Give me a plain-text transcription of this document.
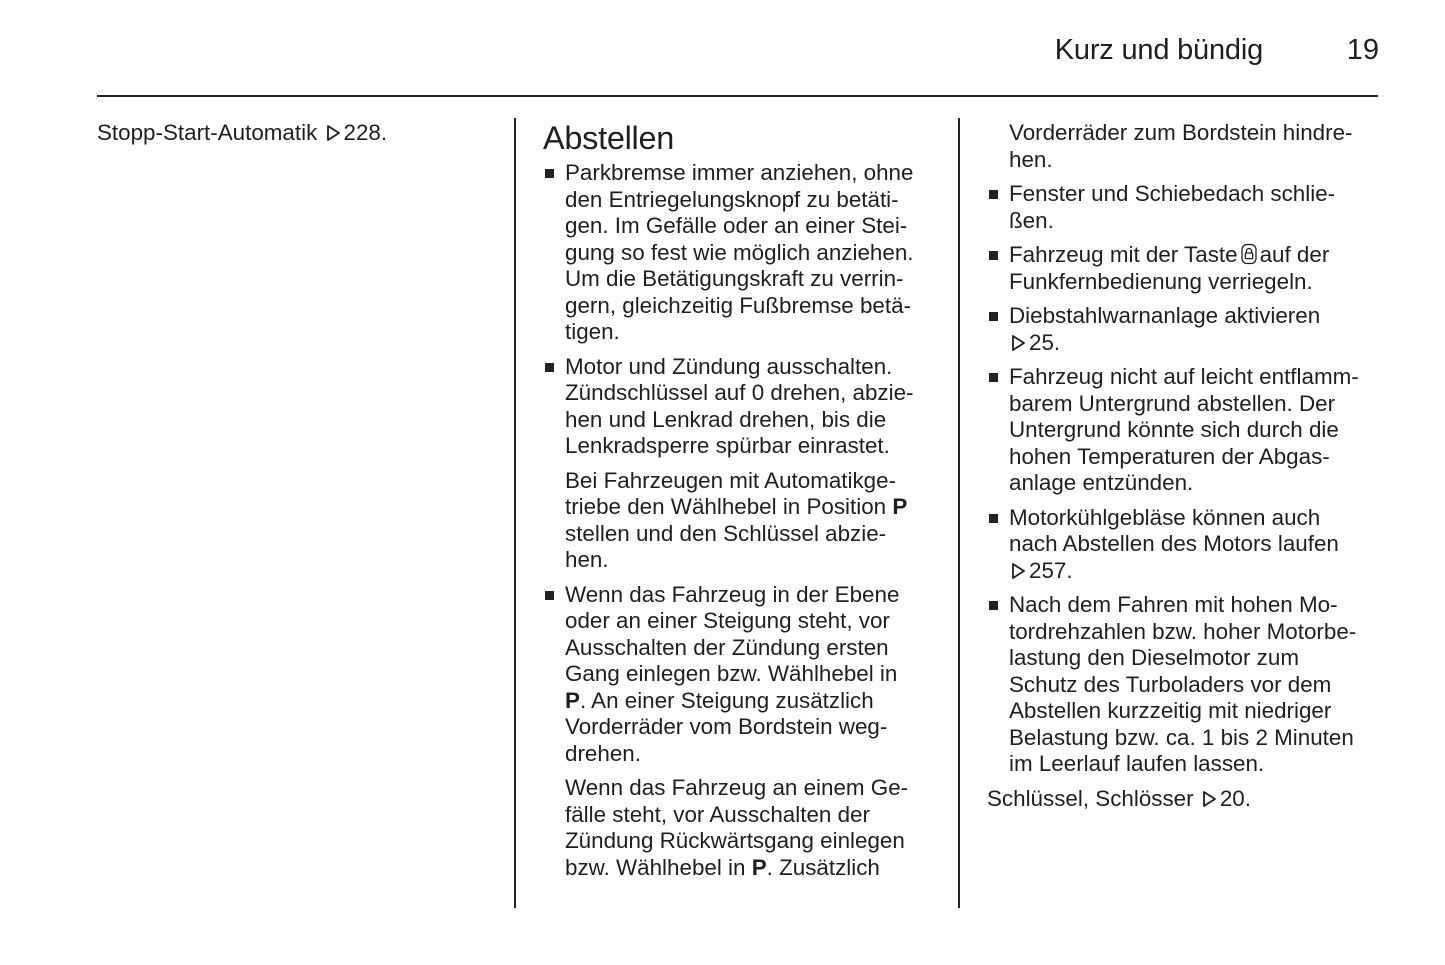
Kurz und bündig	19
Stopp-Start-Automatik 228.	Abstellen
Parkbremse immer anziehen, ohne
den Entriegelungsknopf zu betäti-
gen. Im Gefälle oder an einer Stei-
gung so fest wie möglich anziehen.
Um die Betätigungskraft zu verrin-
gern, gleichzeitig Fußbremse betä-
tigen.
Motor und Zündung ausschalten.
Zündschlüssel auf 0 drehen, abzie-
hen und Lenkrad drehen, bis die
Lenkradsperre spürbar einrastet.
Bei Fahrzeugen mit Automatikge-
triebe den Wählhebel in Position P
stellen und den Schlüssel abzie-
hen.
Wenn das Fahrzeug in der Ebene
oder an einer Steigung steht, vor
Ausschalten der Zündung ersten
Gang einlegen bzw. Wählhebel in
P. An einer Steigung zusätzlich
Vorderräder vom Bordstein weg-
drehen.
Wenn das Fahrzeug an einem Ge-
fälle steht, vor Ausschalten der
Zündung Rückwärtsgang einlegen
bzw. Wählhebel in P. Zusätzlich
Vorderräder zum Bordstein hindre-
hen.
Fenster und Schiebedach schlie-
ßen.
Fahrzeug mit der Taste auf der
Funkfernbedienung verriegeln.
Diebstahlwarnanlage aktivieren
25.
Fahrzeug nicht auf leicht entflamm-
barem Untergrund abstellen. Der
Untergrund könnte sich durch die
hohen Temperaturen der Abgas-
anlage entzünden.
Motorkühlgebläse können auch
nach Abstellen des Motors laufen
257.
Nach dem Fahren mit hohen Mo-
tordrehzahlen bzw. hoher Motorbe-
lastung den Dieselmotor zum
Schutz des Turboladers vor dem
Abstellen kurzzeitig mit niedriger
Belastung bzw. ca. 1 bis 2 Minuten
im Leerlauf laufen lassen.
Schlüssel, Schlösser 20.
